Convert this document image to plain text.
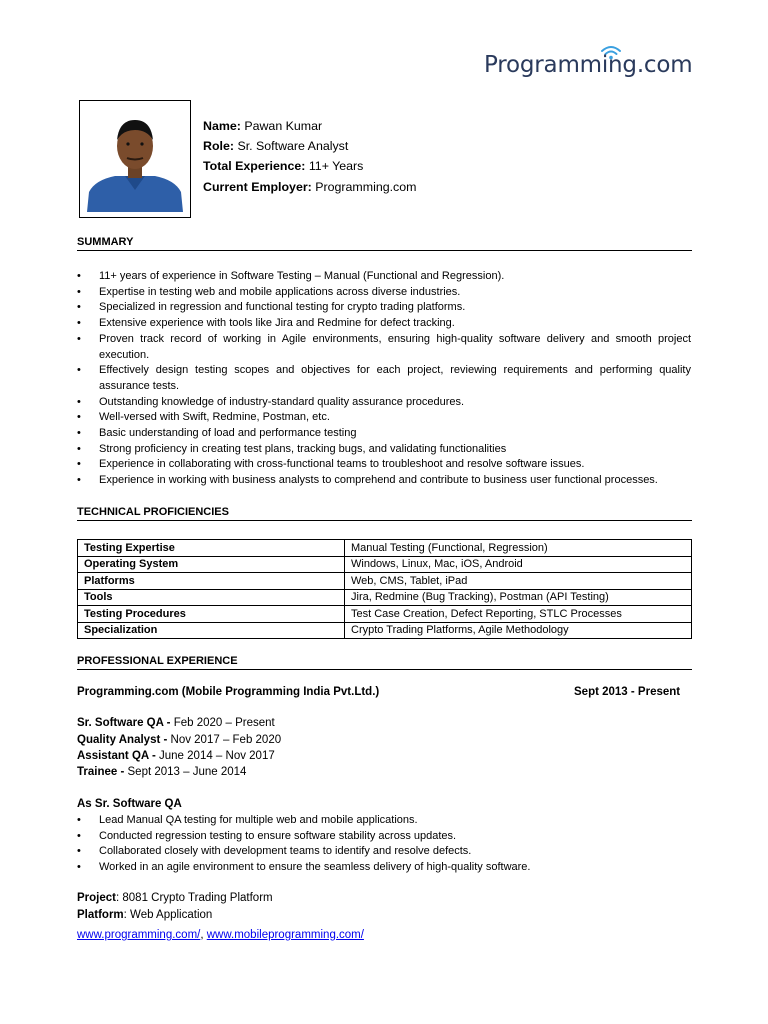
Programming.com
Name: Pawan Kumar
Role: Sr. Software Analyst
Total Experience: 11+ Years
Current Employer: Programming.com
SUMMARY
• 11+ years of experience in Software Testing – Manual (Functional and Regression).
• Expertise in testing web and mobile applications across diverse industries.
• Specialized in regression and functional testing for crypto trading platforms.
• Extensive experience with tools like Jira and Redmine for defect tracking.
• Proven track record of working in Agile environments, ensuring high-quality software delivery and smooth project execution.
• Effectively design testing scopes and objectives for each project, reviewing requirements and performing quality assurance tests.
• Outstanding knowledge of industry-standard quality assurance procedures.
• Well-versed with Swift, Redmine, Postman, etc.
• Basic understanding of load and performance testing
• Strong proficiency in creating test plans, tracking bugs, and validating functionalities
• Experience in collaborating with cross-functional teams to troubleshoot and resolve software issues.
• Experience in working with business analysts to comprehend and contribute to business user functional processes.
TECHNICAL PROFICIENCIES
Testing Expertise	Manual Testing (Functional, Regression)
Operating System	Windows, Linux, Mac, iOS, Android
Platforms	Web, CMS, Tablet, iPad
Tools	Jira, Redmine (Bug Tracking), Postman (API Testing)
Testing Procedures	Test Case Creation, Defect Reporting, STLC Processes
Specialization	Crypto Trading Platforms, Agile Methodology
PROFESSIONAL EXPERIENCE
Programming.com (Mobile Programming India Pvt.Ltd.)	Sept 2013 - Present
Sr. Software QA - Feb 2020 – Present
Quality Analyst - Nov 2017 – Feb 2020
Assistant QA - June 2014 – Nov 2017
Trainee - Sept 2013 – June 2014
As Sr. Software QA
• Lead Manual QA testing for multiple web and mobile applications.
• Conducted regression testing to ensure software stability across updates.
• Collaborated closely with development teams to identify and resolve defects.
• Worked in an agile environment to ensure the seamless delivery of high-quality software.
Project: 8081 Crypto Trading Platform
Platform: Web Application
www.programming.com/, www.mobileprogramming.com/
